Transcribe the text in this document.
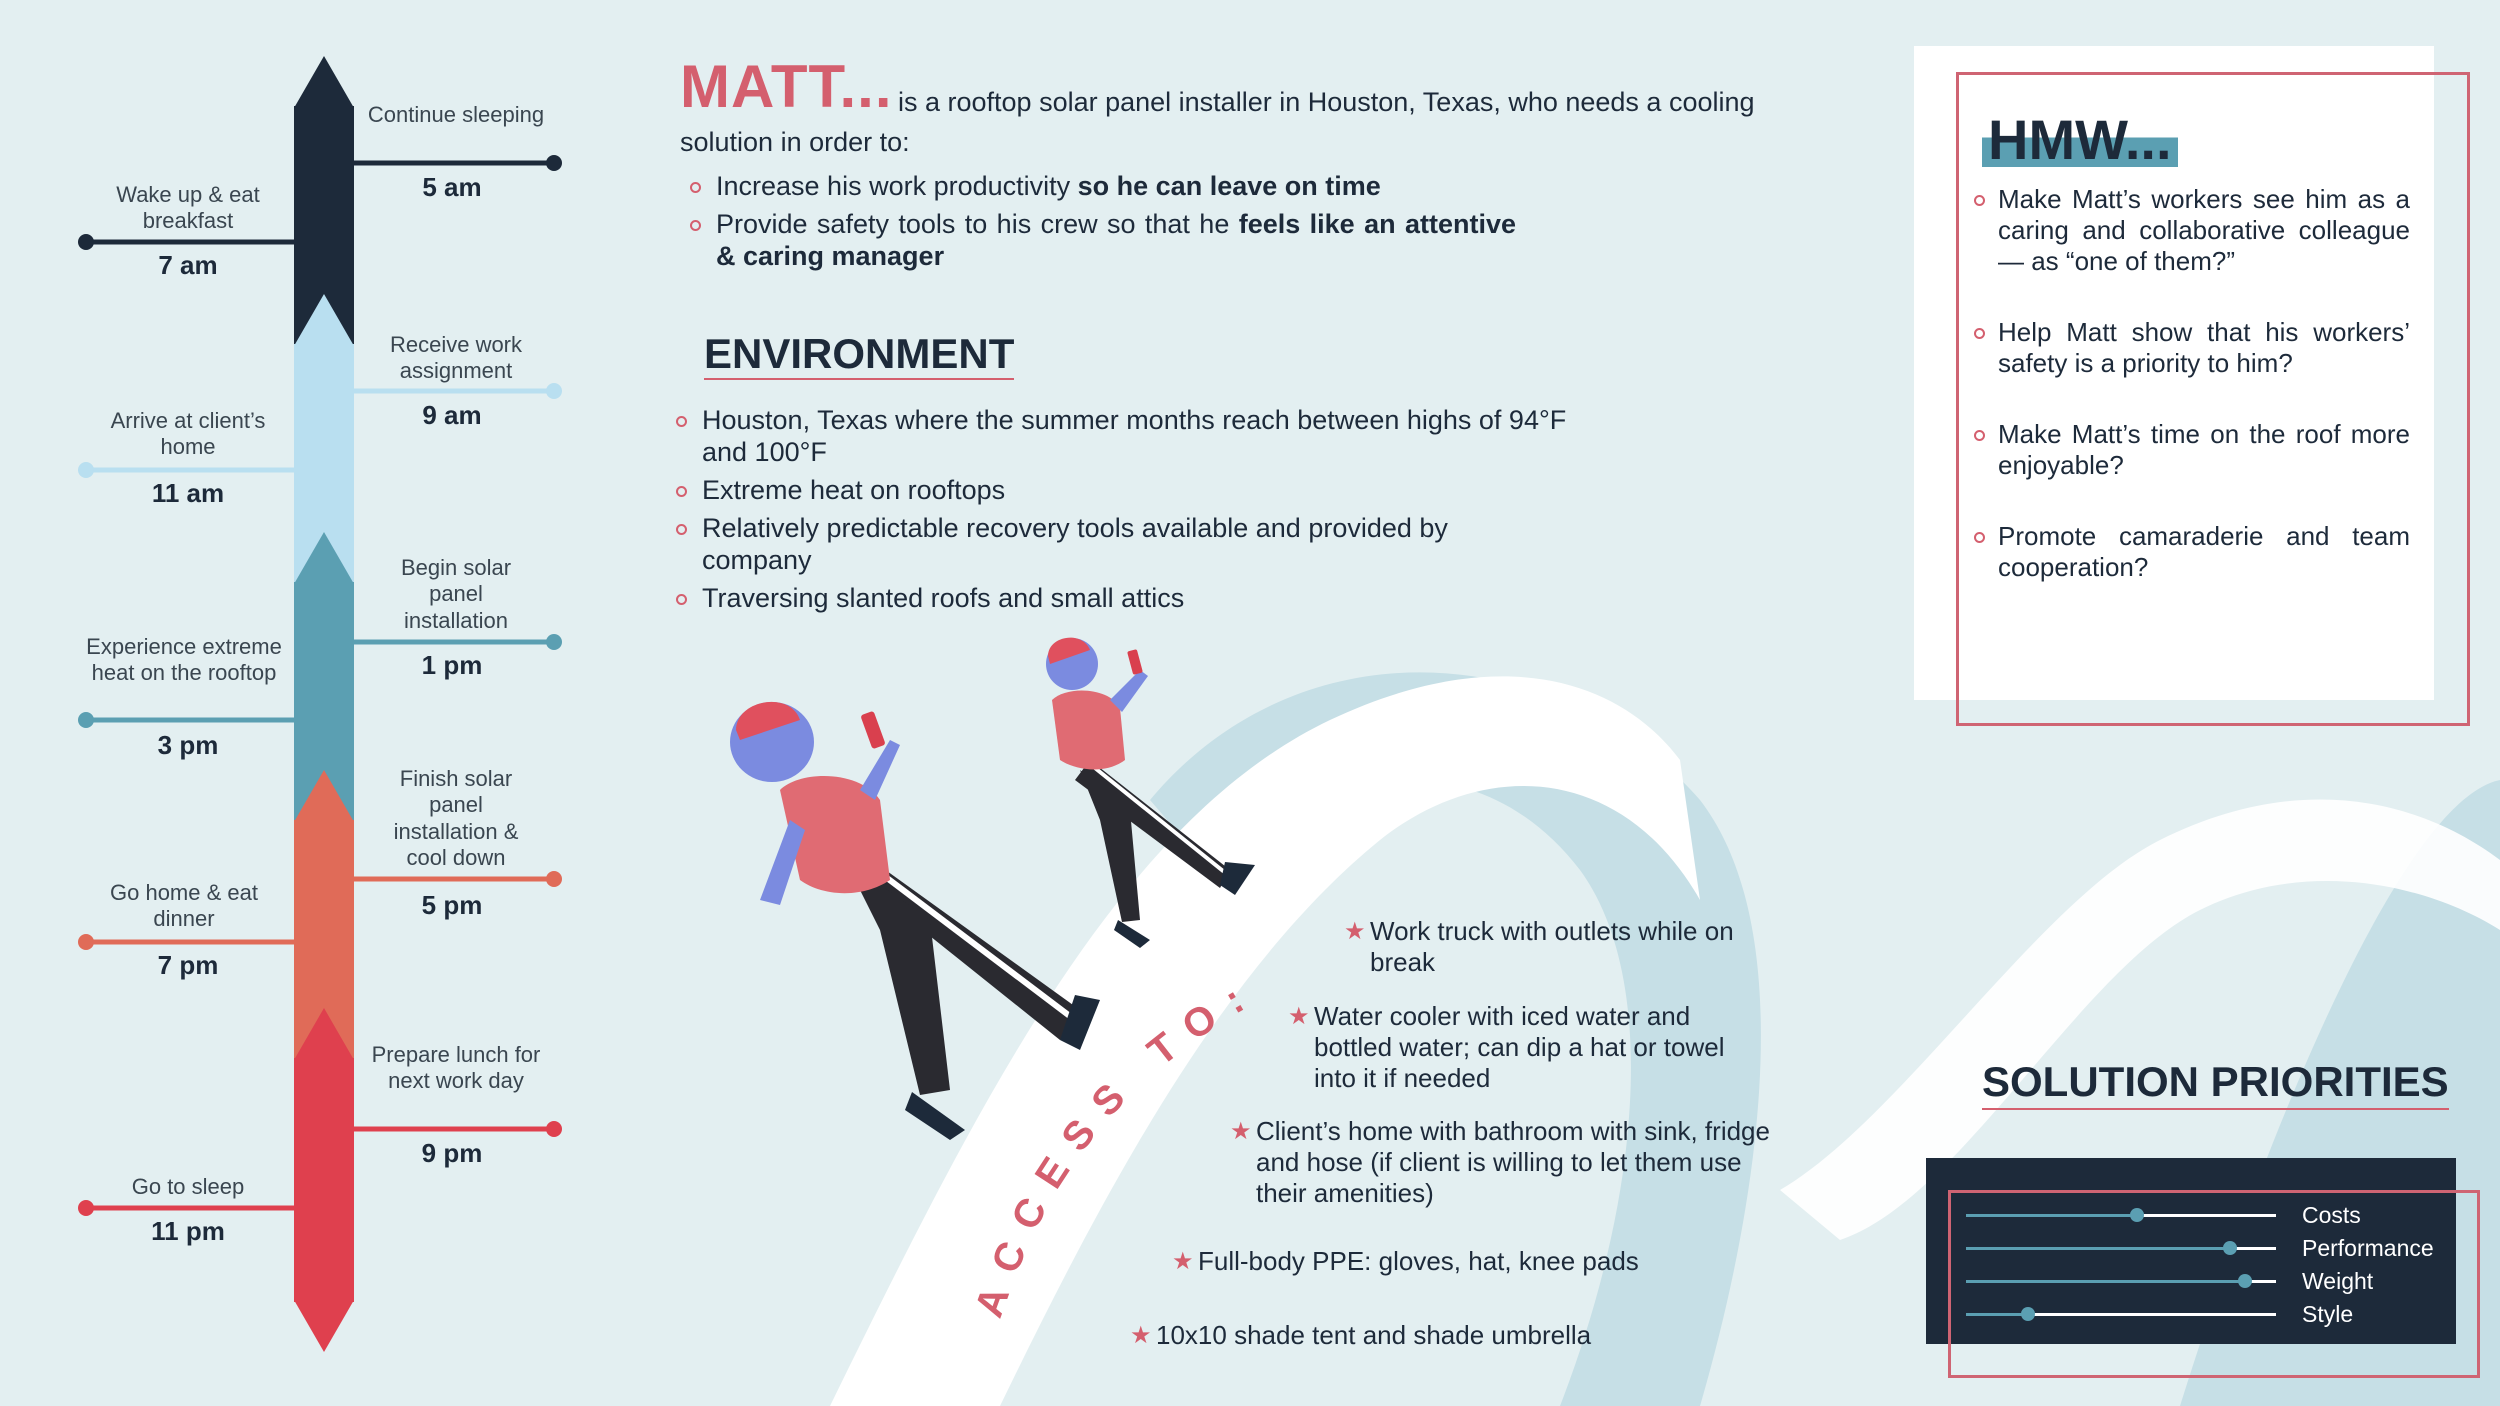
Wake up & eat breakfast
7 am
Arrive at client’s home
11 am
Experience extreme heat on the rooftop
3 pm
Go home & eat dinner
7 pm
Go to sleep
11 pm
Continue sleeping
5 am
Receive work assignment
9 am
Begin solar panel installation
1 pm
Finish solar panel installation & cool down
5 pm
Prepare lunch for next work day
9 pm
MATT... is a rooftop solar panel installer in Houston, Texas, who needs a cooling solution in order to:
Increase his work productivity so he can leave on time
Provide safety tools to his crew so that he feels like an attentive & caring manager
ENVIRONMENT
Houston, Texas where the summer months reach between highs of 94°F and 100°F
Extreme heat on rooftops
Relatively predictable recovery tools available and provided by company
Traversing slanted roofs and small attics
HMW...
Make Matt’s workers see him as a caring and collaborative colleague — as “one of them?”
Help Matt show that his workers’ safety is a priority to him?
Make Matt’s time on the roof more enjoyable?
Promote camaraderie and team cooperation?
ACCESS TO:
★ Work truck with outlets while on break
★ Water cooler with iced water and bottled water; can dip a hat or towel into it if needed
★ Client’s home with bathroom with sink, fridge and hose (if client is willing to let them use their amenities)
★ Full-body PPE: gloves, hat, knee pads
★ 10x10 shade tent and shade umbrella
SOLUTION PRIORITIES
Costs
Performance
Weight
Style
